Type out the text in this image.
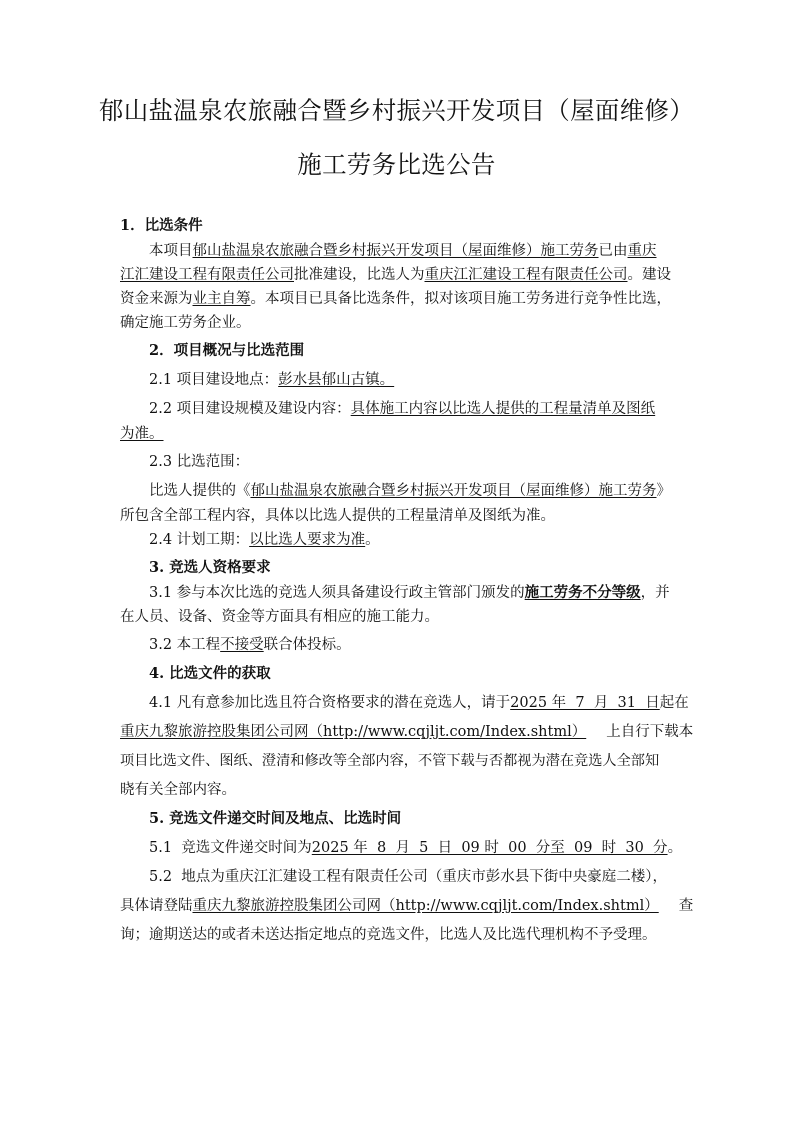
郁山盐温泉农旅融合暨乡村振兴开发项目（屋面维修）
施工劳务比选公告
1．比选条件
本项目郁山盐温泉农旅融合暨乡村振兴开发项目（屋面维修）施工劳务已由重庆
江汇建设工程有限责任公司批准建设，比选人为重庆江汇建设工程有限责任公司。建设
资金来源为业主自筹。本项目已具备比选条件，拟对该项目施工劳务进行竞争性比选，
确定施工劳务企业。
2．项目概况与比选范围
2.1 项目建设地点：彭水县郁山古镇。
2.2 项目建设规模及建设内容：具体施工内容以比选人提供的工程量清单及图纸
为准。
2.3 比选范围：
比选人提供的《郁山盐温泉农旅融合暨乡村振兴开发项目（屋面维修）施工劳务》
所包含全部工程内容，具体以比选人提供的工程量清单及图纸为准。
2.4 计划工期：以比选人要求为准。
3. 竞选人资格要求
3.1 参与本次比选的竞选人须具备建设行政主管部门颁发的施工劳务不分等级，并
在人员、设备、资金等方面具有相应的施工能力。
3.2 本工程不接受联合体投标。
4. 比选文件的获取
4.1 凡有意参加比选且符合资格要求的潜在竞选人，请于2025 年  7  月  31  日起在
重庆九黎旅游控股集团公司网（http://www.cqjljt.com/Index.shtml） 上自行下载本
项目比选文件、图纸、澄清和修改等全部内容，不管下载与否都视为潜在竞选人全部知
晓有关全部内容。
5. 竞选文件递交时间及地点、比选时间
5.1  竞选文件递交时间为2025 年  8  月  5  日  09 时  00  分至  09  时  30  分。
5.2  地点为重庆江汇建设工程有限责任公司（重庆市彭水县下街中央豪庭二楼），
具体请登陆重庆九黎旅游控股集团公司网（http://www.cqjljt.com/Index.shtml） 查
询；逾期送达的或者未送达指定地点的竞选文件，比选人及比选代理机构不予受理。
